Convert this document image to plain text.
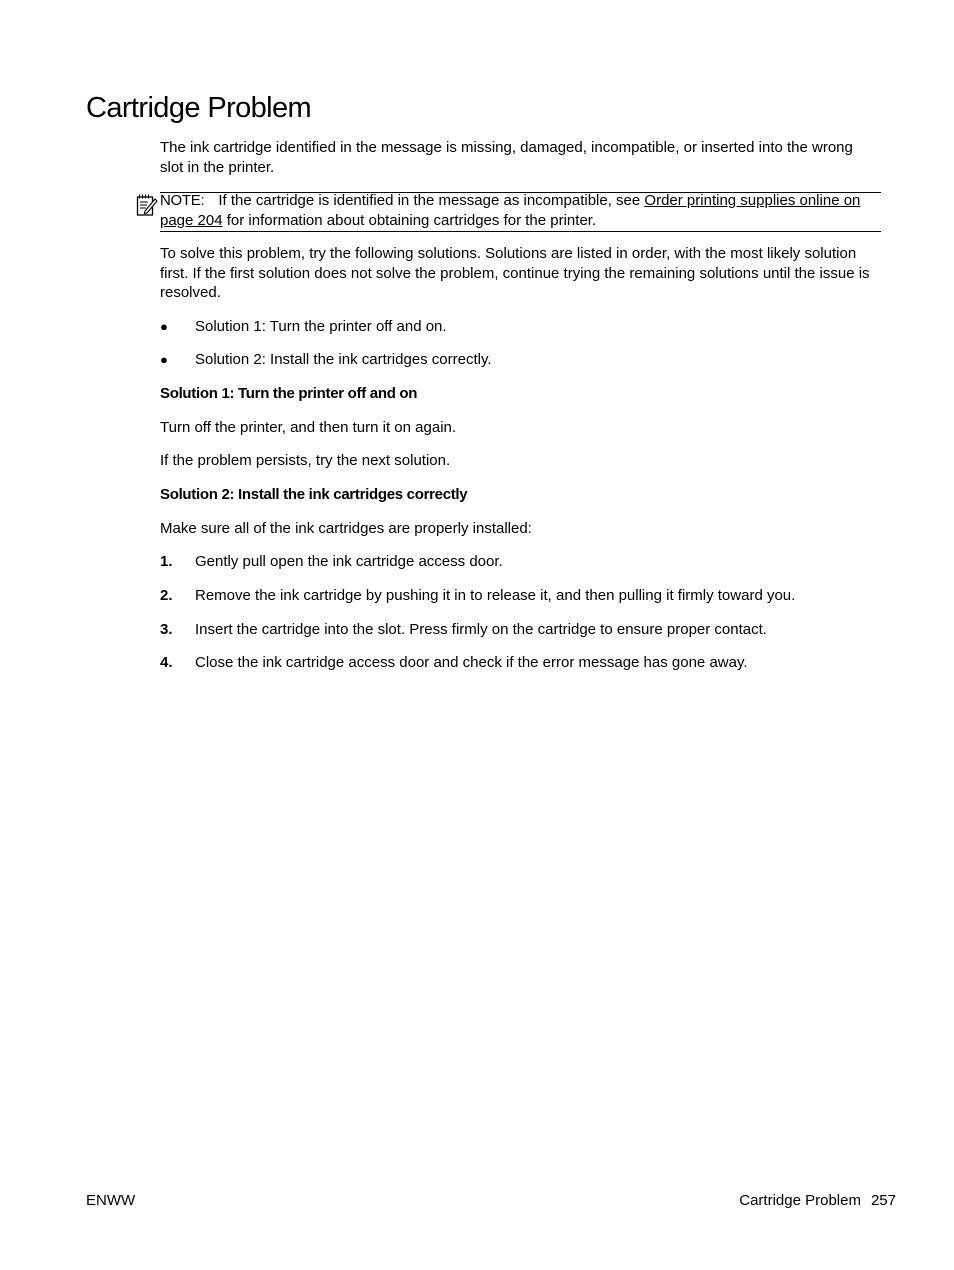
Cartridge Problem

The ink cartridge identified in the message is missing, damaged, incompatible, or inserted into the wrong slot in the printer.

NOTE: If the cartridge is identified in the message as incompatible, see Order printing supplies online on page 204 for information about obtaining cartridges for the printer.

To solve this problem, try the following solutions. Solutions are listed in order, with the most likely solution first. If the first solution does not solve the problem, continue trying the remaining solutions until the issue is resolved.

● Solution 1: Turn the printer off and on.
● Solution 2: Install the ink cartridges correctly.
Solution 1: Turn the printer off and on

Turn off the printer, and then turn it on again.

If the problem persists, try the next solution.

Solution 2: Install the ink cartridges correctly

Make sure all of the ink cartridges are properly installed:

1. Gently pull open the ink cartridge access door.
2. Remove the ink cartridge by pushing it in to release it, and then pulling it firmly toward you.
3. Insert the cartridge into the slot. Press firmly on the cartridge to ensure proper contact.
4. Close the ink cartridge access door and check if the error message has gone away.
ENWW	Cartridge Problem 257
